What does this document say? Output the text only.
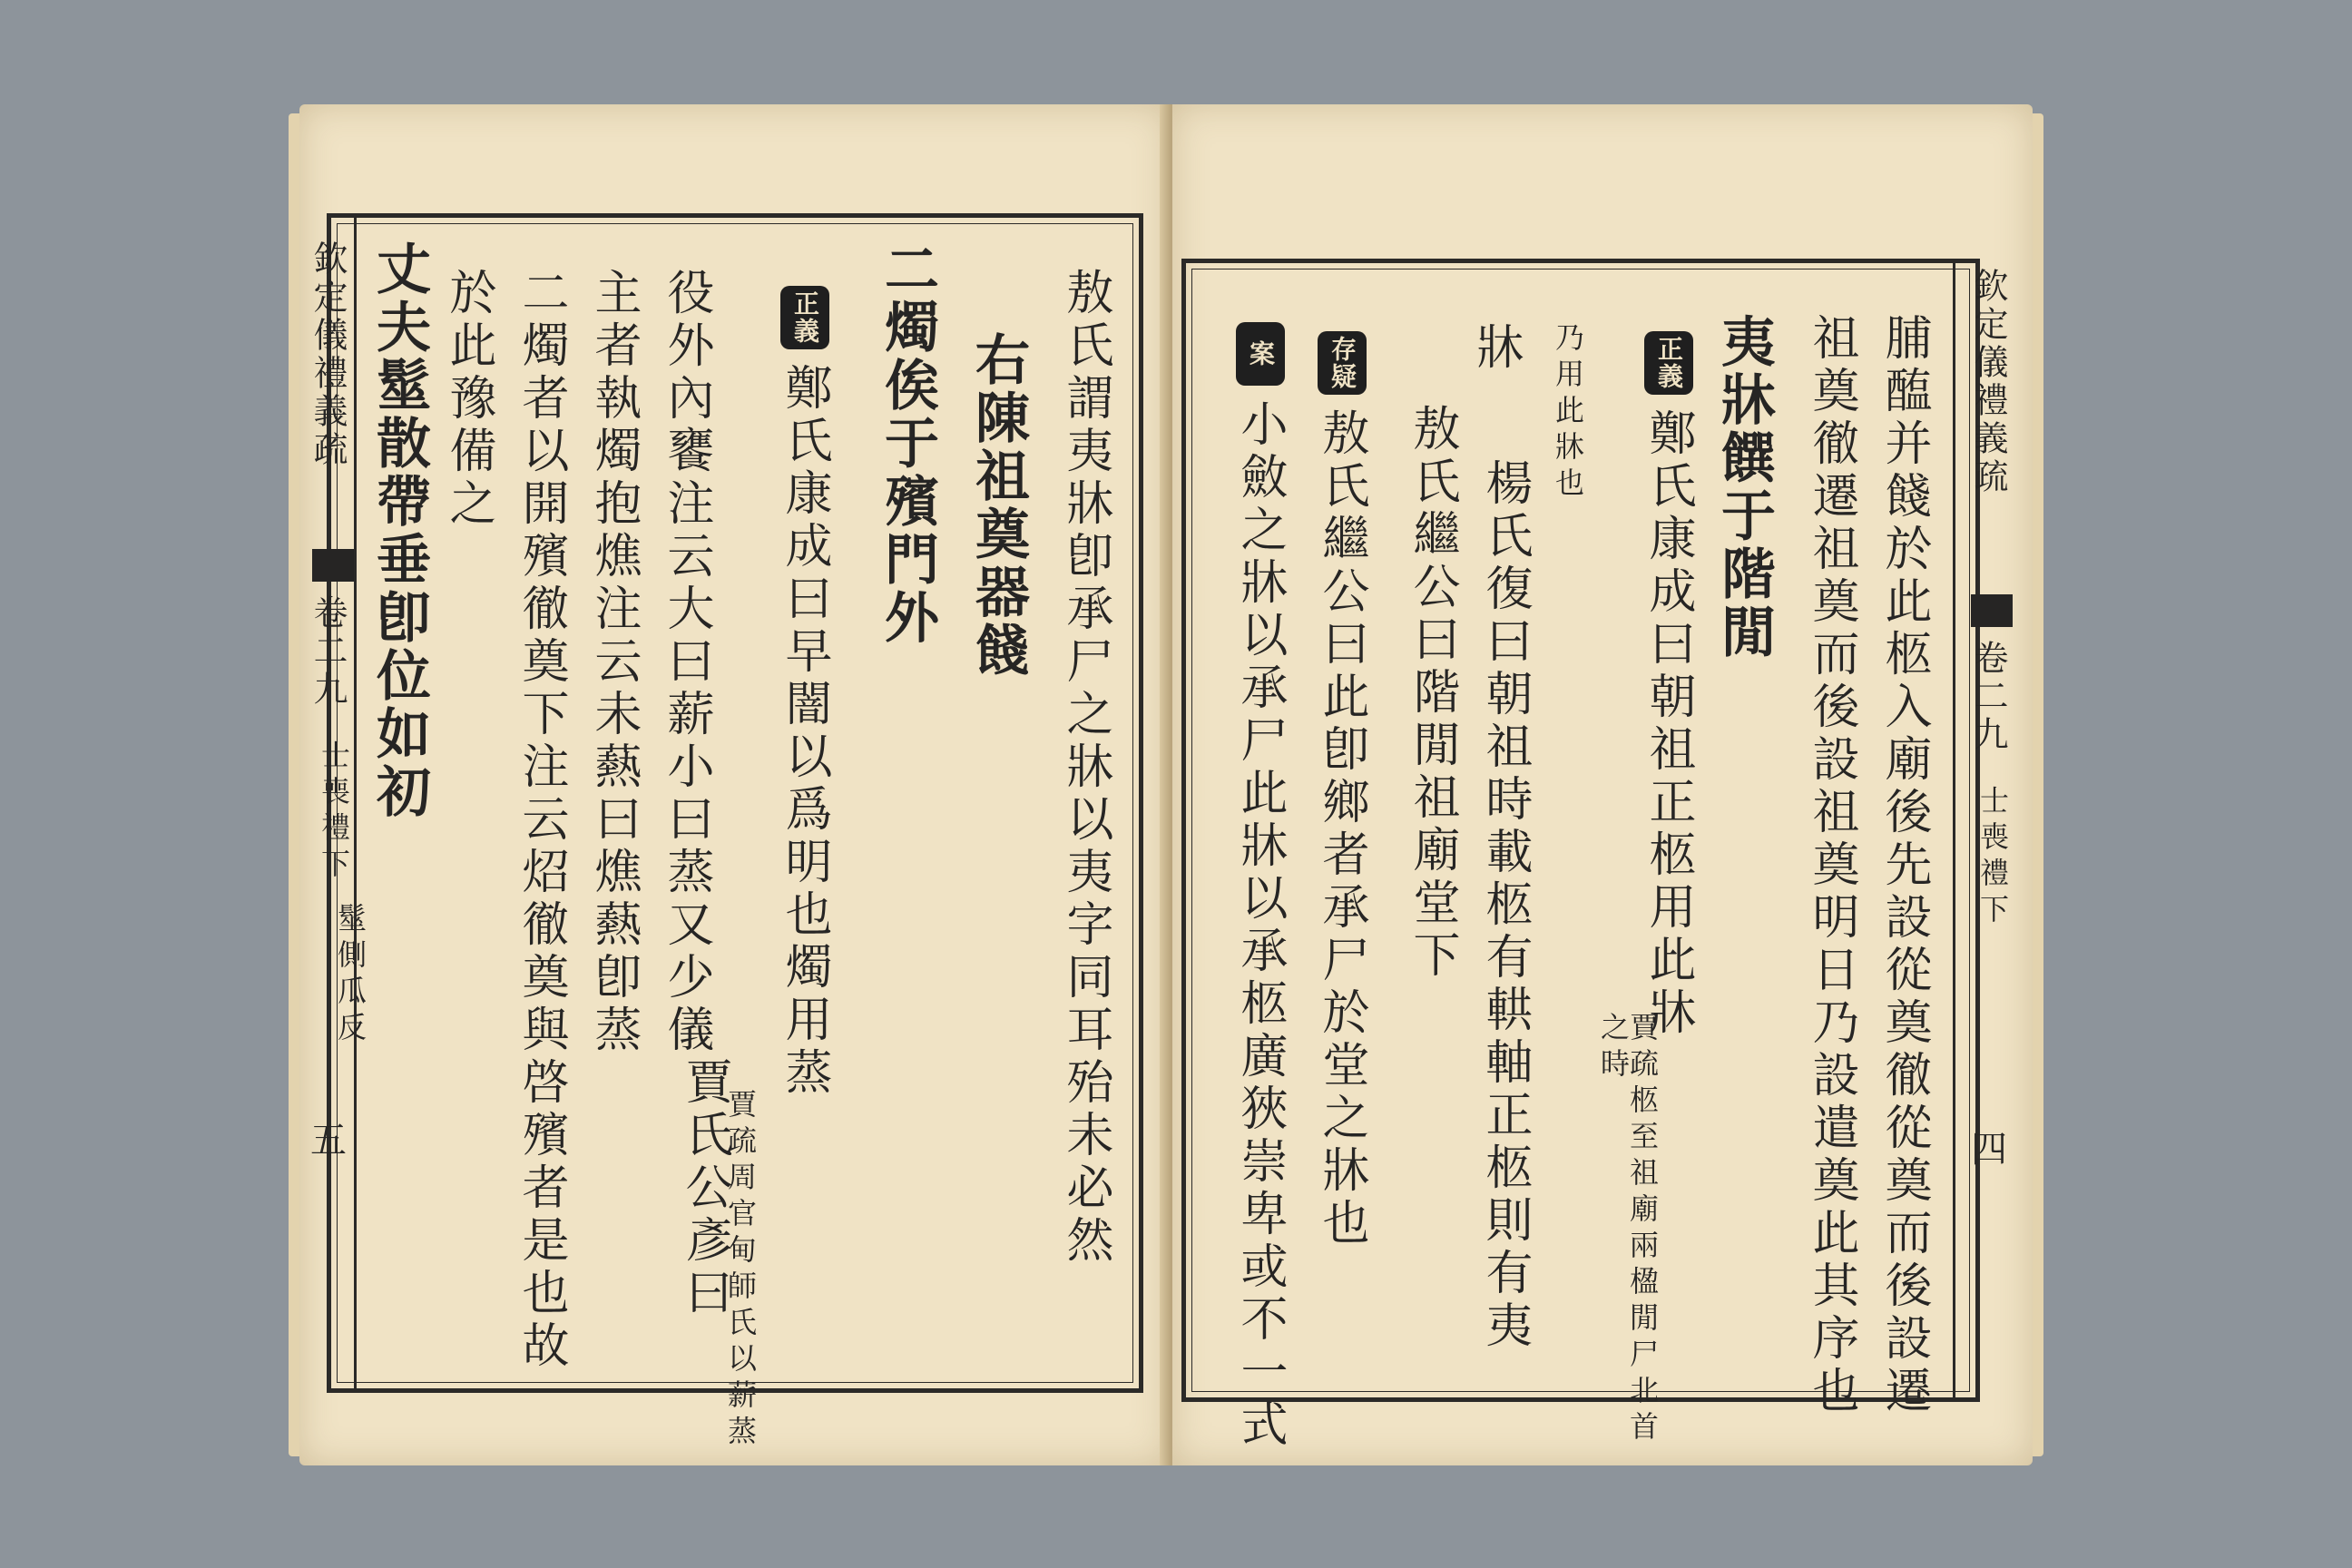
欽定儀禮義疏
卷二九
士喪禮下
五	敖氏謂夷牀卽承尸之牀以夷字同耳殆未必然
右陳祖奠器餞
二燭俟于殯門外
正義
鄭氏康成曰早闇以爲明也燭用蒸
賈疏周官甸師氏以薪蒸
役外內饔注云大曰薪小曰蒸又少儀
主者執燭抱燋注云未爇曰燋爇卽蒸
賈氏公彥曰
二燭者以開殯徹奠下注云炤徹奠與啓殯者是也故
於此豫備之
丈夫髽散帶垂卽位如初
髽側瓜反
欽定儀禮義疏
卷二九
士喪禮下
四
脯醢并餞於此柩入廟後先設從奠徹從奠而後設遷
祖奠徹遷祖奠而後設祖奠明日乃設遣奠此其序也
夷牀饌于階閒
正義
鄭氏康成曰朝祖正柩用此牀
賈疏柩至祖廟兩楹閒尸北首之時
乃用此牀也
楊氏復曰朝祖時載柩有輁軸正柩則有夷
牀
敖氏繼公曰階閒祖廟堂下
存疑
敖氏繼公曰此卽鄉者承尸於堂之牀也
案
小斂之牀以承尸此牀以承柩廣狹崇卑或不一式
